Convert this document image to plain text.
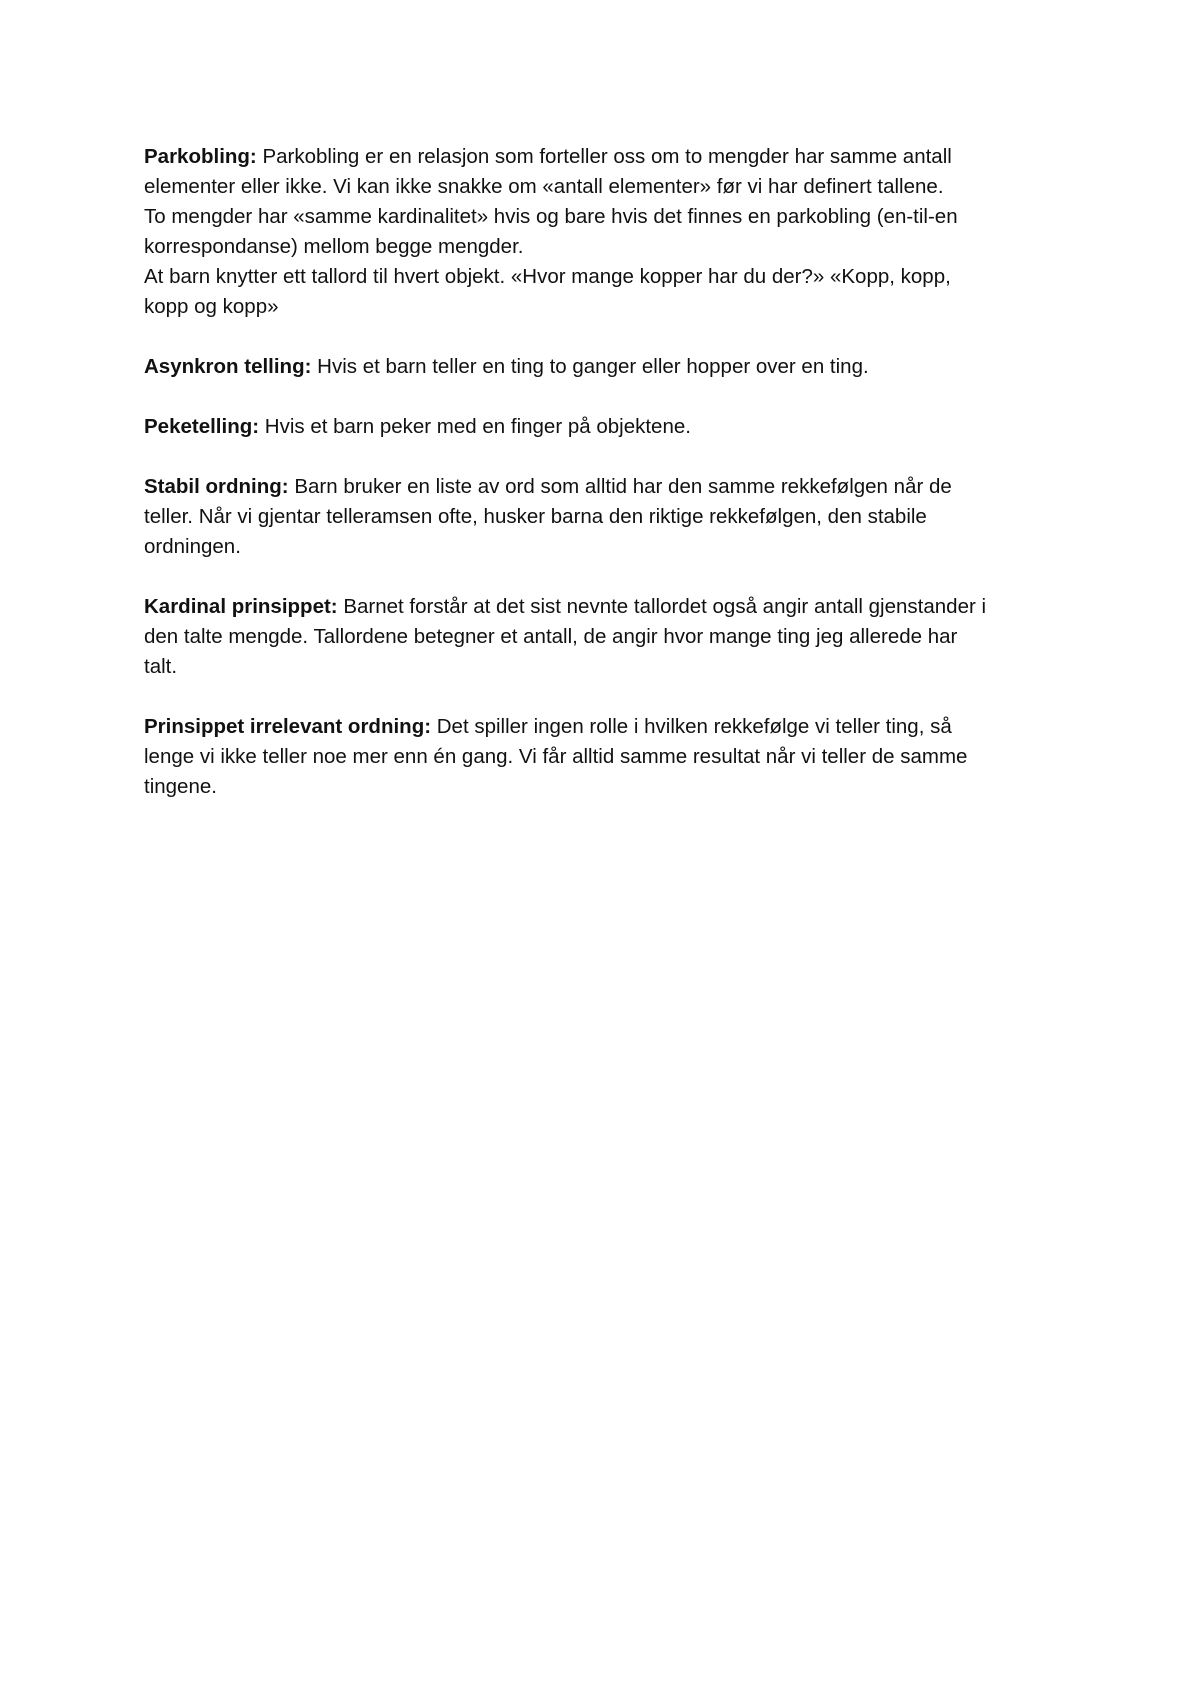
Parkobling: Parkobling er en relasjon som forteller oss om to mengder har samme antall
elementer eller ikke. Vi kan ikke snakke om «antall elementer» før vi har definert tallene.
To mengder har «samme kardinalitet» hvis og bare hvis det finnes en parkobling (en-til-en
korrespondanse) mellom begge mengder.
At barn knytter ett tallord til hvert objekt. «Hvor mange kopper har du der?» «Kopp, kopp,
kopp og kopp»

Asynkron telling: Hvis et barn teller en ting to ganger eller hopper over en ting.

Peketelling: Hvis et barn peker med en finger på objektene.

Stabil ordning: Barn bruker en liste av ord som alltid har den samme rekkefølgen når de
teller. Når vi gjentar telleramsen ofte, husker barna den riktige rekkefølgen, den stabile
ordningen.

Kardinal prinsippet: Barnet forstår at det sist nevnte tallordet også angir antall gjenstander i
den talte mengde. Tallordene betegner et antall, de angir hvor mange ting jeg allerede har
talt.

Prinsippet irrelevant ordning: Det spiller ingen rolle i hvilken rekkefølge vi teller ting, så
lenge vi ikke teller noe mer enn én gang. Vi får alltid samme resultat når vi teller de samme
tingene.
